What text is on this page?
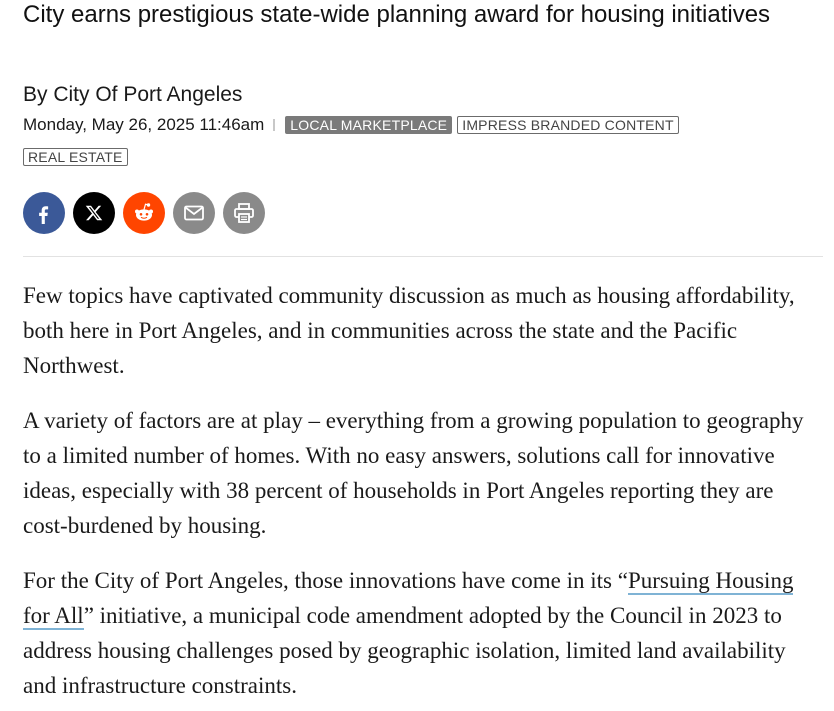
City earns prestigious state-wide planning award for housing initiatives
By City Of Port Angeles
Monday, May 26, 2025 11:46am	LOCAL MARKETPLACE	IMPRESS BRANDED CONTENT
REAL ESTATE

Few topics have captivated community discussion as much as housing affordability, both here in Port Angeles, and in communities across the state and the Pacific Northwest.

A variety of factors are at play – everything from a growing population to geography to a limited number of homes. With no easy answers, solutions call for innovative ideas, especially with 38 percent of households in Port Angeles reporting they are cost-burdened by housing.

For the City of Port Angeles, those innovations have come in its “Pursuing Housing for All” initiative, a municipal code amendment adopted by the Council in 2023 to address housing challenges posed by geographic isolation, limited land availability and infrastructure constraints.
